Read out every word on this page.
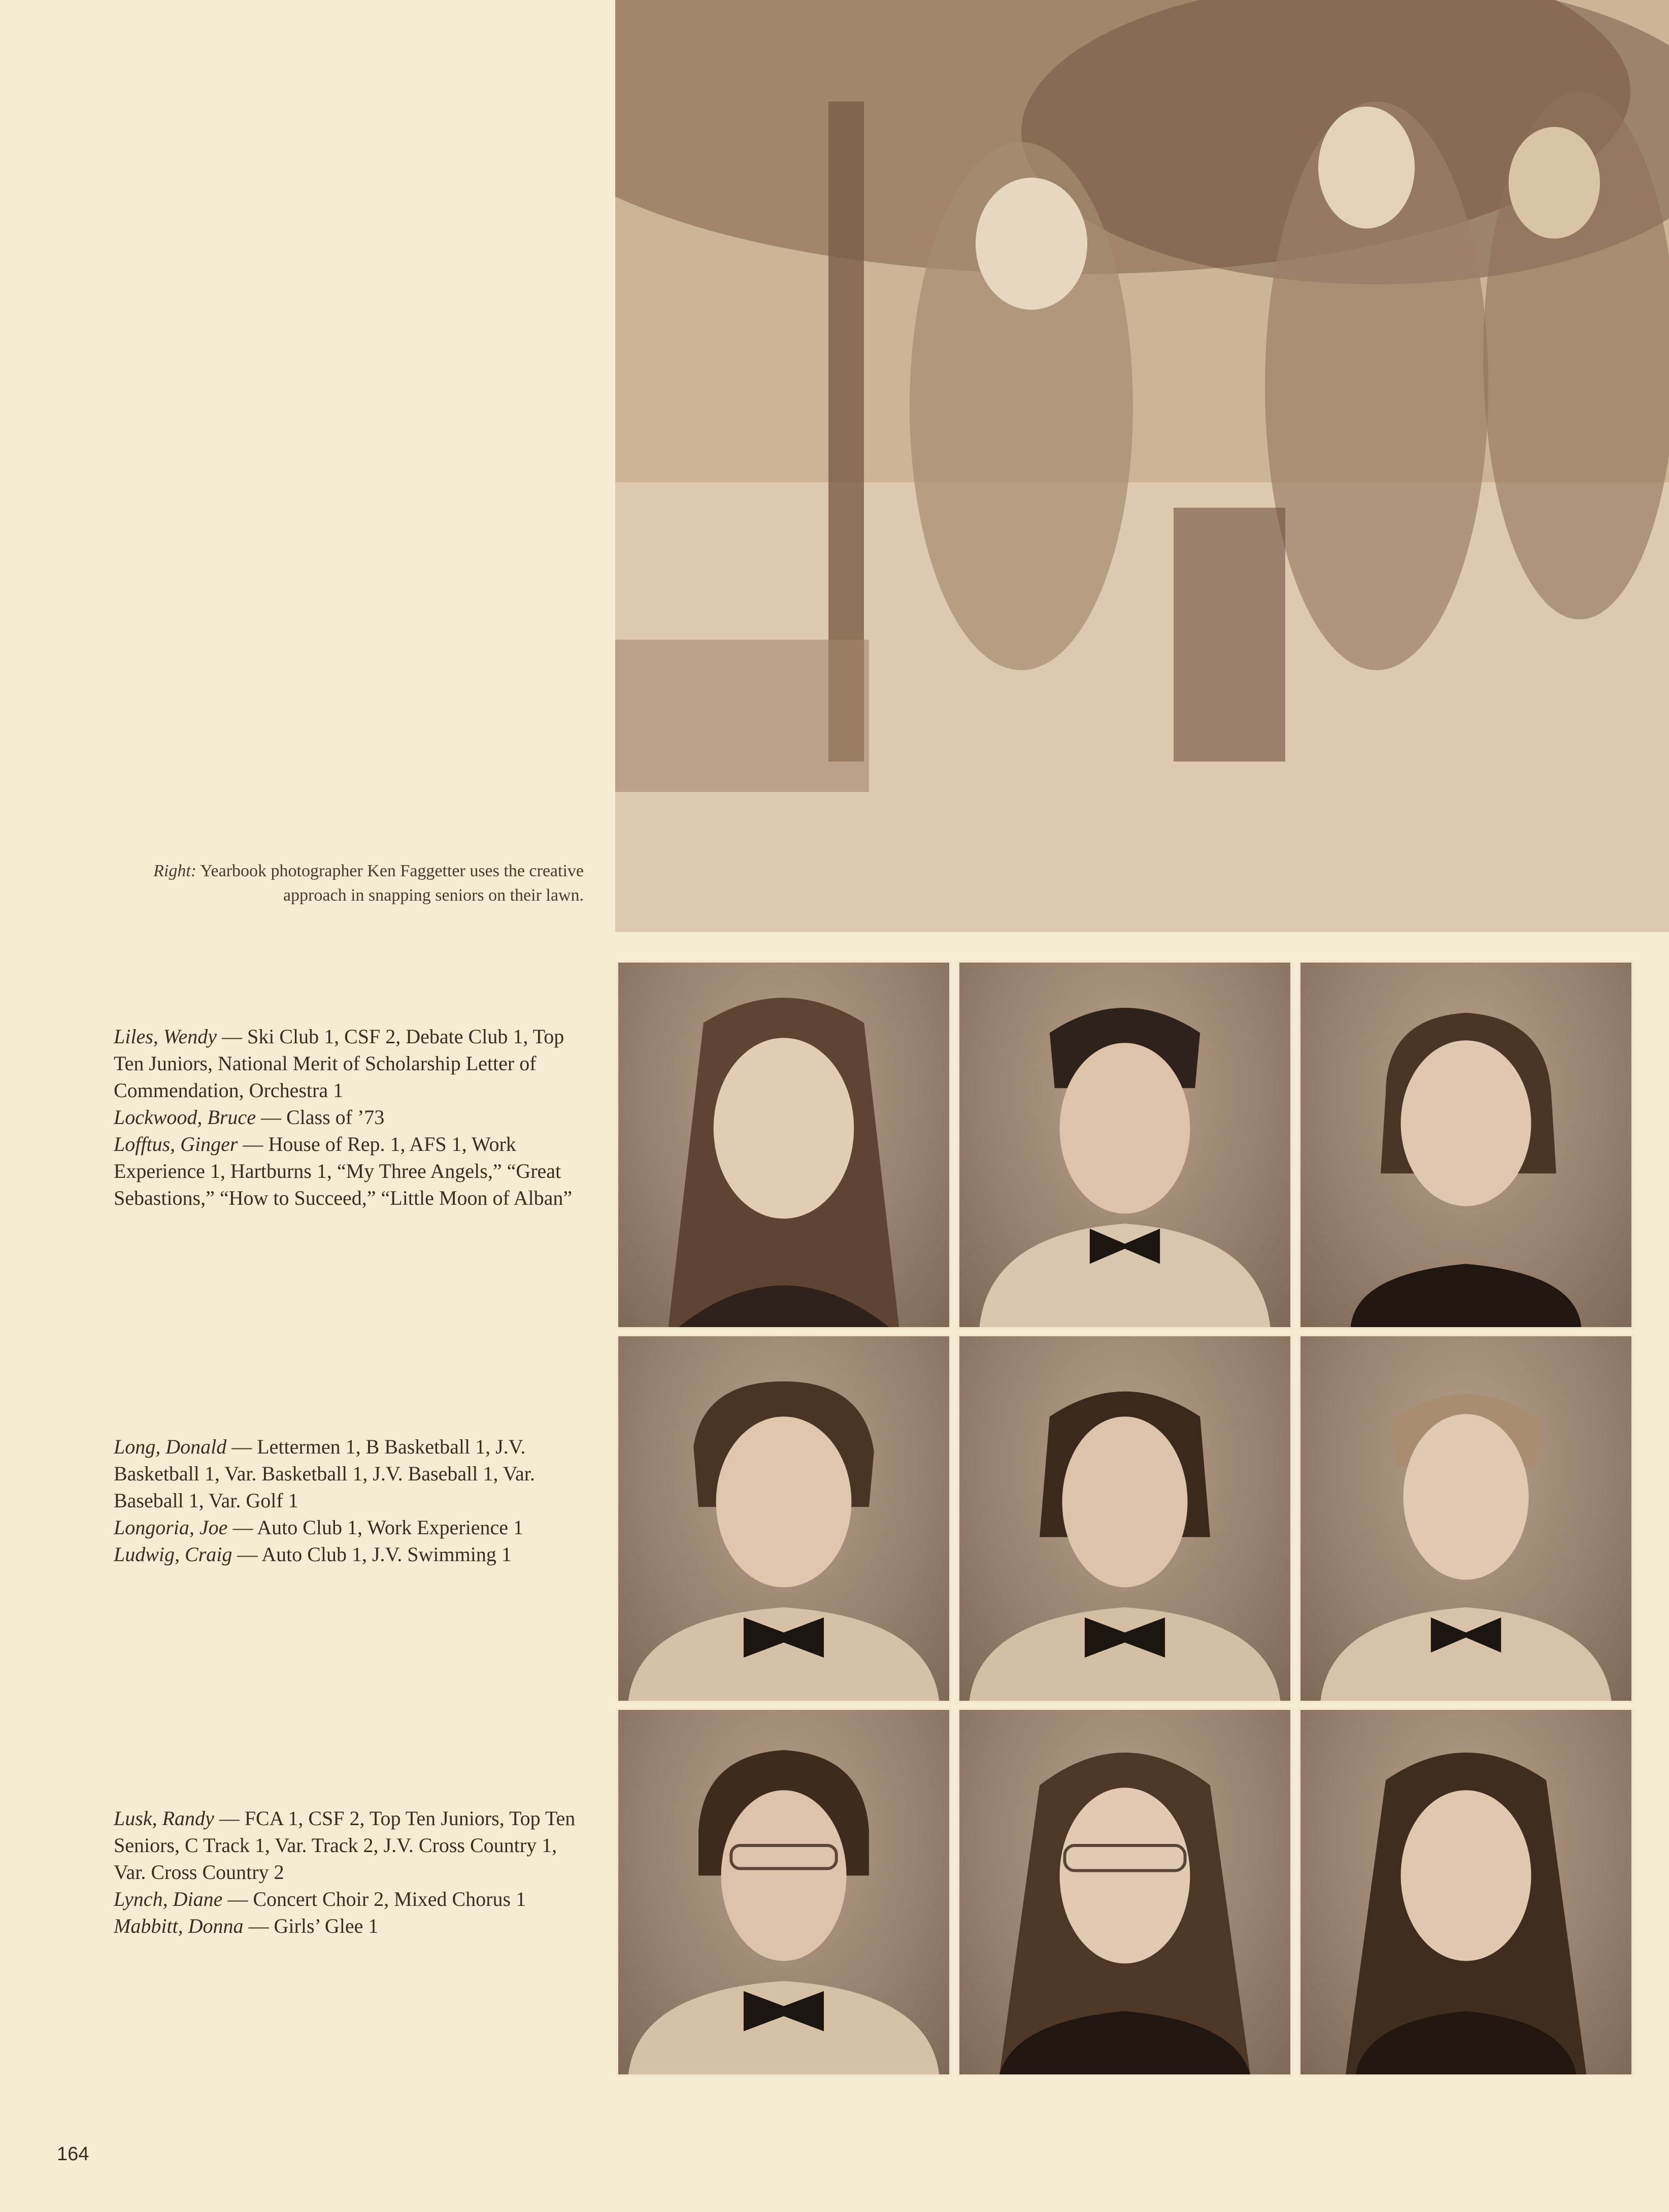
Right: Yearbook photographer Ken Faggetter uses the creative approach in snapping seniors on their lawn.

Liles, Wendy — Ski Club 1, CSF 2, Debate Club 1, Top Ten Juniors, National Merit of Scholarship Letter of Commendation, Orchestra 1

Lockwood, Bruce — Class of ’73

Lofftus, Ginger — House of Rep. 1, AFS 1, Work Experience 1, Hartburns 1, “My Three Angels,” “Great Sebastions,” “How to Succeed,” “Little Moon of Alban”

Long, Donald — Lettermen 1, B Basketball 1, J.V. Basketball 1, Var. Basketball 1, J.V. Baseball 1, Var. Baseball 1, Var. Golf 1

Longoria, Joe — Auto Club 1, Work Experience 1

Ludwig, Craig — Auto Club 1, J.V. Swimming 1

Lusk, Randy — FCA 1, CSF 2, Top Ten Juniors, Top Ten Seniors, C Track 1, Var. Track 2, J.V. Cross Country 1, Var. Cross Country 2

Lynch, Diane — Concert Choir 2, Mixed Chorus 1

Mabbitt, Donna — Girls’ Glee 1

164
